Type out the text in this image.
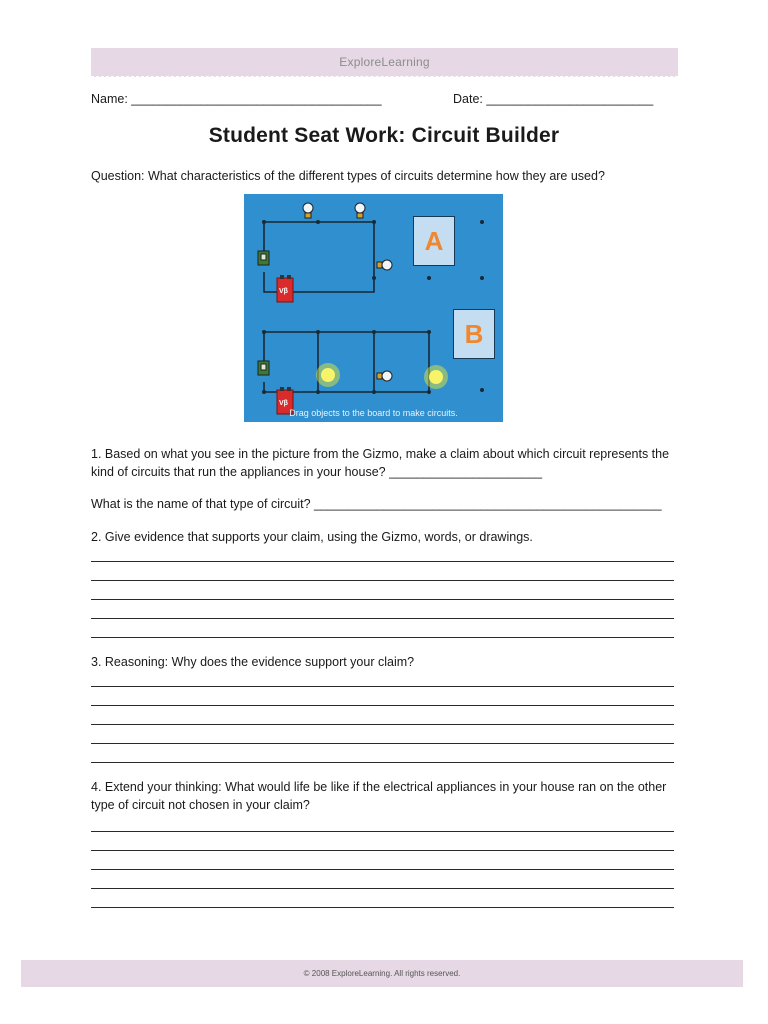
ExploreLearning
Name: ____________________________________	Date: ________________________
Student Seat Work: Circuit Builder
Question: What characteristics of the different types of circuits determine how they are used?
A
B
Vβ
Vβ
Drag objects to the board to make circuits.
1. Based on what you see in the picture from the Gizmo, make a claim about which circuit represents the kind of circuits that run the appliances in your house? ______________________
What is the name of that type of circuit? __________________________________________________
2. Give evidence that supports your claim, using the Gizmo, words, or drawings.
3. Reasoning: Why does the evidence support your claim?
4. Extend your thinking: What would life be like if the electrical appliances in your house ran on the other type of circuit not chosen in your claim?
© 2008 ExploreLearning. All rights reserved.
